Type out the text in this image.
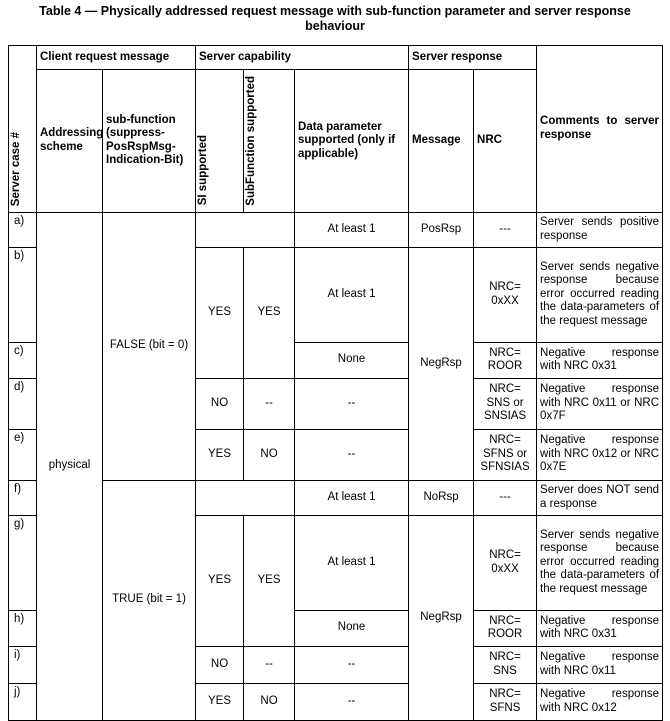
Table 4 — Physically addressed request message with sub-function parameter and server response
behaviour
Server case #	Client request message		Server capability			Server response		Comments to server response
	Addressing scheme	sub-function (suppress-PosRspMsg-Indication-Bit)	SI supported	SubFunction supported	Data parameter supported (only if applicable)	Message	NRC	
a)	physical	FALSE (bit = 0)			At least 1	PosRsp	---	Server sends positive response
b)			YES	YES	At least 1	NegRsp	NRC= 0xXX	Server sends negative response because error occurred reading the data-parameters of the request message
c)					None		NRC= ROOR	Negative response with NRC 0x31
d)			NO	--	--		NRC= SNS or SNSIAS	Negative response with NRC 0x11 or NRC 0x7F
e)			YES	NO	--		NRC= SFNS or SFNSIAS	Negative response with NRC 0x12 or NRC 0x7E
f)		TRUE (bit = 1)			At least 1	NoRsp	---	Server does NOT send a response
g)			YES	YES	At least 1	NegRsp	NRC= 0xXX	Server sends negative response because error occurred reading the data-parameters of the request message
h)					None		NRC= ROOR	Negative response with NRC 0x31
i)			NO	--	--		NRC= SNS	Negative response with NRC 0x11
j)			YES	NO	--		NRC= SFNS	Negative response with NRC 0x12
